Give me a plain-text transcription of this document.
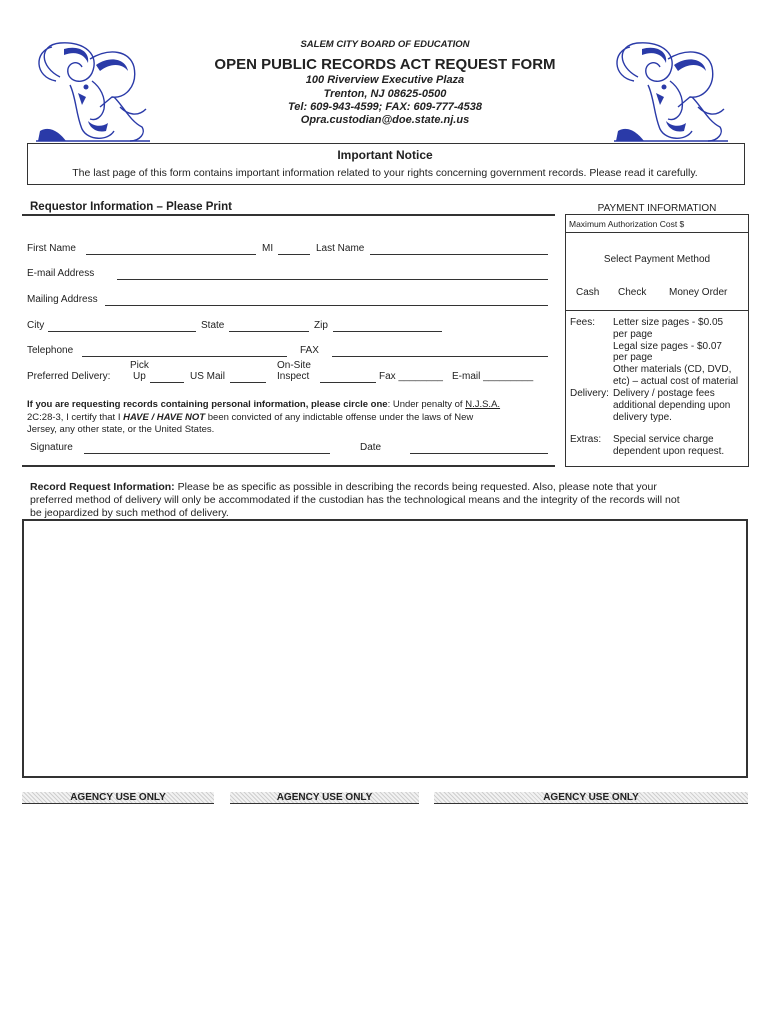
SALEM CITY BOARD OF EDUCATION
OPEN PUBLIC RECORDS ACT REQUEST FORM
100 Riverview Executive Plaza
Trenton, NJ 08625-0500
Tel: 609-943-4599; FAX: 609-777-4538
Opra.custodian@doe.state.nj.us
Important Notice
The last page of this form contains important information related to your rights concerning government records. Please read it carefully.
Requestor Information – Please Print
First Name	MI	Last Name
E-mail Address
Mailing Address
City	State	Zip
Telephone	FAX
Preferred Delivery:
Pick
Up	US Mail
On-Site
Inspect	Fax ________ E-mail _________
If you are requesting records containing personal information, please circle one: Under penalty of N.J.S.A.
2C:28-3, I certify that I HAVE / HAVE NOT been convicted of any indictable offense under the laws of New
Jersey, any other state, or the United States.
Signature	Date
PAYMENT INFORMATION
Maximum Authorization Cost $
Select Payment Method
Cash Check Money Order
Fees: Letter size pages - $0.05
per page
Legal size pages - $0.07
per page
Other materials (CD, DVD,
etc) – actual cost of material
Delivery: Delivery / postage fees
additional depending upon
delivery type.
Extras: Special service charge
dependent upon request.
Record Request Information: Please be as specific as possible in describing the records being requested. Also, please note that your
preferred method of delivery will only be accommodated if the custodian has the technological means and the integrity of the records will not
be jeopardized by such method of delivery.
AGENCY USE ONLY	AGENCY USE ONLY	AGENCY USE ONLY
